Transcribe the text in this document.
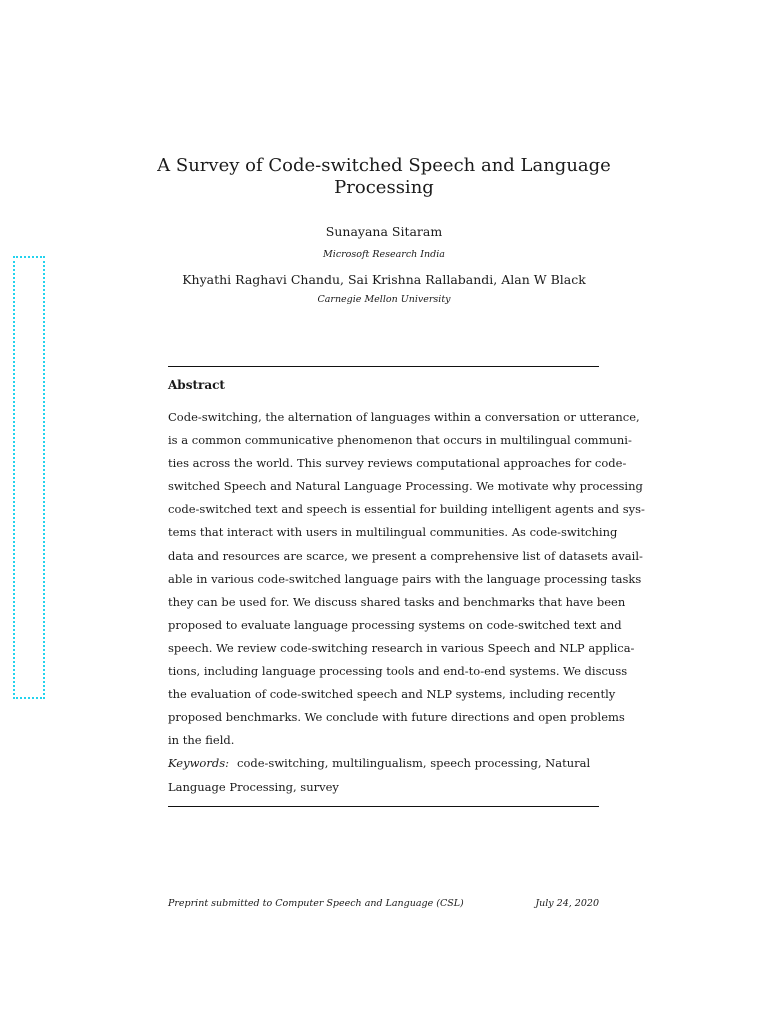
A Survey of Code-switched Speech and Language
Processing
Sunayana Sitaram
Microsoft Research India
Khyathi Raghavi Chandu, Sai Krishna Rallabandi, Alan W Black
Carnegie Mellon University
Abstract
Code-switching, the alternation of languages within a conversation or utterance,
is a common communicative phenomenon that occurs in multilingual communi-
ties across the world. This survey reviews computational approaches for code-
switched Speech and Natural Language Processing. We motivate why processing
code-switched text and speech is essential for building intelligent agents and sys-
tems that interact with users in multilingual communities. As code-switching
data and resources are scarce, we present a comprehensive list of datasets avail-
able in various code-switched language pairs with the language processing tasks
they can be used for. We discuss shared tasks and benchmarks that have been
proposed to evaluate language processing systems on code-switched text and
speech. We review code-switching research in various Speech and NLP applica-
tions, including language processing tools and end-to-end systems. We discuss
the evaluation of code-switched speech and NLP systems, including recently
proposed benchmarks. We conclude with future directions and open problems
in the field.
Keywords: code-switching, multilingualism, speech processing, Natural
Language Processing, survey
Preprint submitted to Computer Speech and Language (CSL)	July 24, 2020
